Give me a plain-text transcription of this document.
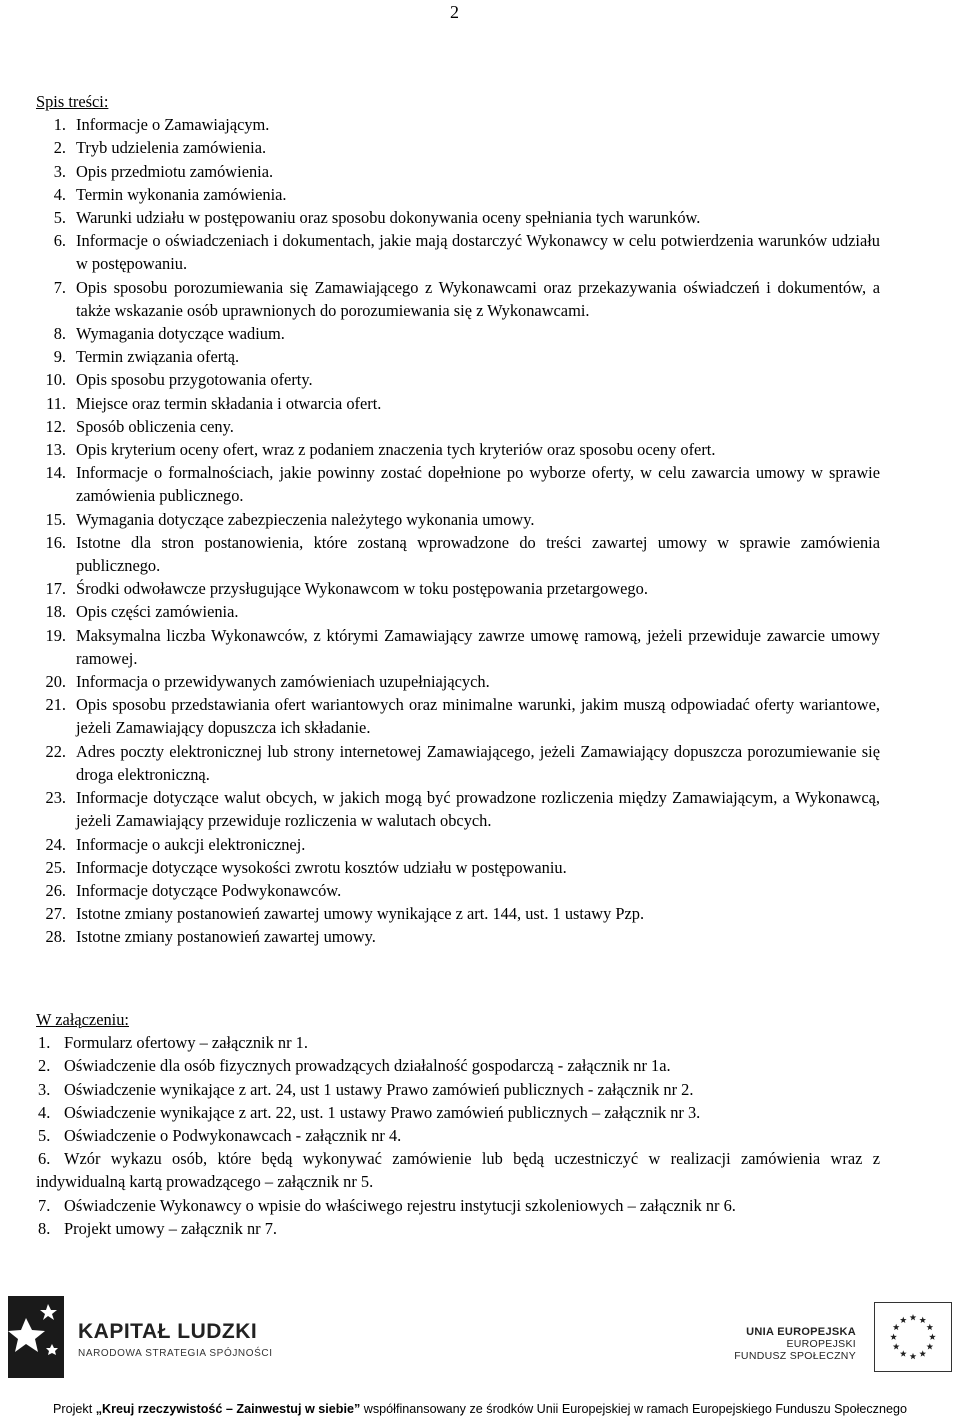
2
Spis treści:
1. Informacje o Zamawiającym.
2. Tryb udzielenia zamówienia.
3. Opis przedmiotu zamówienia.
4. Termin wykonania zamówienia.
5. Warunki udziału w postępowaniu oraz sposobu dokonywania oceny spełniania tych warunków.
6. Informacje o oświadczeniach i dokumentach, jakie mają dostarczyć Wykonawcy w celu potwierdzenia warunków udziału w postępowaniu.
7. Opis sposobu porozumiewania się Zamawiającego z Wykonawcami oraz przekazywania oświadczeń i dokumentów, a także wskazanie osób uprawnionych do porozumiewania się z Wykonawcami.
8. Wymagania dotyczące wadium.
9. Termin związania ofertą.
10. Opis sposobu przygotowania oferty.
11. Miejsce oraz termin składania i otwarcia ofert.
12. Sposób obliczenia ceny.
13. Opis kryterium oceny ofert, wraz z podaniem znaczenia tych kryteriów oraz sposobu oceny ofert.
14. Informacje o formalnościach, jakie powinny zostać dopełnione po wyborze oferty, w celu zawarcia umowy w sprawie zamówienia publicznego.
15. Wymagania dotyczące zabezpieczenia należytego wykonania umowy.
16. Istotne dla stron postanowienia, które zostaną wprowadzone do treści zawartej umowy w sprawie zamówienia publicznego.
17. Środki odwoławcze przysługujące Wykonawcom w toku postępowania przetargowego.
18. Opis części zamówienia.
19. Maksymalna liczba Wykonawców, z którymi Zamawiający zawrze umowę ramową, jeżeli przewiduje zawarcie umowy ramowej.
20. Informacja o przewidywanych zamówieniach uzupełniających.
21. Opis sposobu przedstawiania ofert wariantowych oraz minimalne warunki, jakim muszą odpowiadać oferty wariantowe, jeżeli Zamawiający dopuszcza ich składanie.
22. Adres poczty elektronicznej lub strony internetowej Zamawiającego, jeżeli Zamawiający dopuszcza porozumiewanie się droga elektroniczną.
23. Informacje dotyczące walut obcych, w jakich mogą być prowadzone rozliczenia między Zamawiającym, a Wykonawcą, jeżeli Zamawiający przewiduje rozliczenia w walutach obcych.
24. Informacje o aukcji elektronicznej.
25. Informacje dotyczące wysokości zwrotu kosztów udziału w postępowaniu.
26. Informacje dotyczące Podwykonawców.
27. Istotne zmiany postanowień zawartej umowy wynikające z art. 144, ust. 1 ustawy Pzp.
28. Istotne zmiany postanowień zawartej umowy.

W załączeniu:

1. Formularz ofertowy – załącznik nr 1.

2. Oświadczenie dla osób fizycznych prowadzących działalność gospodarczą - załącznik nr 1a.

3. Oświadczenie wynikające z art. 24, ust 1 ustawy Prawo zamówień publicznych - załącznik nr 2.

4. Oświadczenie wynikające z art. 22, ust. 1 ustawy Prawo zamówień publicznych – załącznik nr 3.

5. Oświadczenie o Podwykonawcach - załącznik nr 4.

6. Wzór wykazu osób, które będą wykonywać zamówienie lub będą uczestniczyć w realizacji zamówienia wraz z indywidualną kartą prowadzącego – załącznik nr 5.

7. Oświadczenie Wykonawcy o wpisie do właściwego rejestru instytucji szkoleniowych – załącznik nr 6.

8. Projekt umowy – załącznik nr 7.

KAPITAŁ LUDZKI
NARODOWA STRATEGIA SPÓJNOŚCI
UNIA EUROPEJSKA
EUROPEJSKI
FUNDUSZ SPOŁECZNY
Projekt „Kreuj rzeczywistość – Zainwestuj w siebie” współfinansowany ze środków Unii Europejskiej w ramach Europejskiego Funduszu Społecznego
